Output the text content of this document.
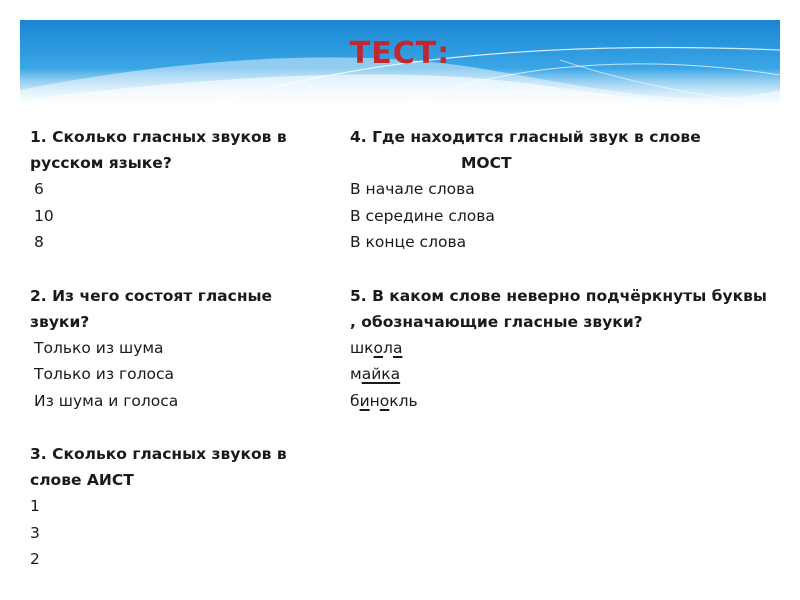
ТЕСТ:

1. Сколько гласных звуков в русском языке?

6

10

8

2. Из чего состоят гласные звуки?

Только из шума

Только из голоса

Из шума и голоса

3. Сколько гласных звуков в слове АИСТ

1

3

2

4. Где находится гласный звук в слове

МОСТ

В начале слова

В середине слова

В конце слова

5. В каком слове неверно подчёркнуты буквы , обозначающие гласные звуки?

школа

майка

бинокль
